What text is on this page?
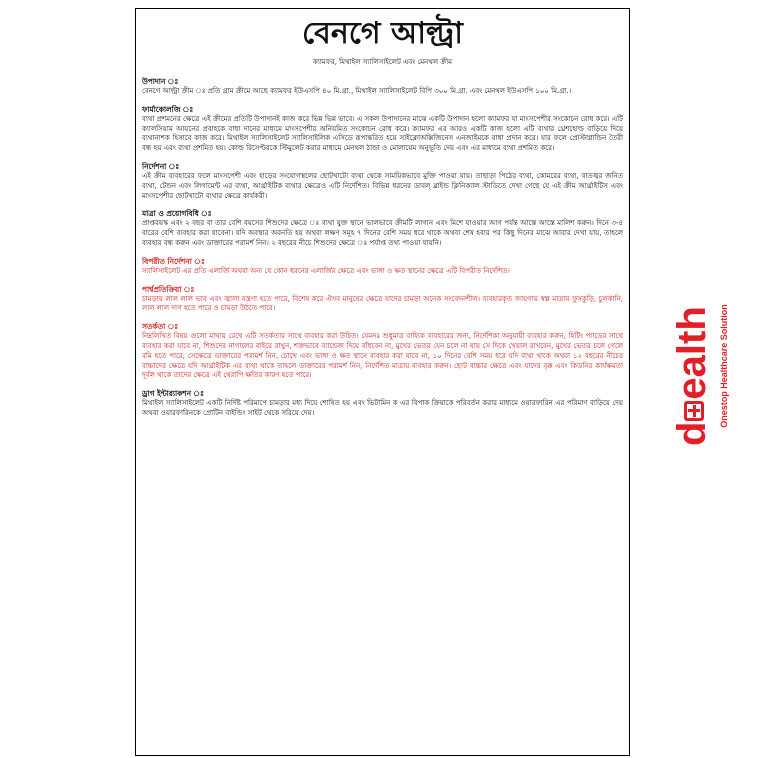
বেনগে আল্ট্রা
ক্যামফর, মিথাইল স্যালিসাইলেট এবং মেনথল ক্রীম

উপাদান ঃ

বেনগে আল্ট্রা ক্রীম ঃ প্রতি গ্রাম ক্রীমে আছে ক্যামফর ইউএসপি ৪০ মি.গ্রা., মিথাইল স্যালিসাইলেট বিপি ৩০০ মি.গ্রা. এবং মেনথল ইউএসপি ১০০ মি.গ্রা.।

ফার্মাকোলজি ঃ

ব্যথা প্রশমনের ক্ষেত্রে এই ক্রীমের প্রতিটি উপাদানই কাজ করে ভিন্ন ভিন্ন ভাবে। এ সকল উপাদানের মাঝে একটি উপাদান হলো ক্যামফর যা মাংসপেশীর সংকোচন রোধ করে। এটি ক্যালসিয়াম আয়নের প্রবাহকে বাধা দানের মাধ্যমে মাংসপেশীর অনিয়মিত সংকোচন রোধ করে। ক্যামফর এর আরও একটি কাজ হলো এটি ব্যথার থ্রেশহোল্ড বাড়িয়ে দিয়ে ব্যথানাশক হিসাবে কাজ করে। মিথাইল স্যালিসাইলেট স্যালিসাইলিক এসিডে রূপান্তরিত হয়ে সাইক্লোঅক্সিজিনেস এনজাইমকে বাধা প্রদান করে। যার ফলে প্রোস্টাগ্লান্ডিন তৈরী বন্ধ হয় এবং ব্যথা প্রশমিত হয়। কোল্ড রিসেপ্টরকে স্টিমুলেট করার মাধ্যমে মেনথল ঠান্ডা ও মোলায়েম অনুভূতি দেয় এবং এর মাধ্যমে ব্যথা প্রশমিত করে।

নির্দেশনা ঃ

এই ক্রীম ব্যবহারের ফলে মাংসপেশী এবং হাড়ের সংযোগস্থলের ছোটখাটো ব্যথা থেকে সাময়িকভাবে মুক্তি পাওয়া যায়। তাছাড়া পিঠের ব্যথা, কোমরের ব্যথা, বাতজ্বর জনিত ব্যথা, টেন্ডন এবং লিগামেন্ট এর ব্যথা, আর্থ্রাইটিক ব্যথার ক্ষেত্রেও এটি নির্দেশিত। বিভিন্ন ধরনের ডাবল্ ব্লাইন্ড ক্লিনিক্যাল স্টাডিতে দেখা গেছে যে এই ক্রীম আর্থ্রাইটিস এবং মাংসপেশীর ছোটখাটো ব্যথার ক্ষেত্রে কার্যকরী।

মাত্রা ও প্রয়োগবিধি ঃ

প্রাপ্তবয়স্ক এবং ২ বছর বা তার বেশি বয়সের শিশুদের ক্ষেত্রে ঃ ব্যথা যুক্ত স্থানে ভালভাবে ক্রীমটি লাগান এবং মিশে যাওয়ার আগ পর্যন্ত আস্তে আস্তে মালিশ করুন। দিনে ৩-৪ বারের বেশি ব্যবহার করা যাবেনা। যদি অবস্থার অবনতি হয় অথবা লক্ষণ সমূহ ৭ দিনের বেশি সময় ধরে থাকে অথবা শেষ হবার পর কিছু দিনের মাঝে আবার দেখা যায়, তাহলে ব্যবহার বন্ধ করুন এবং ডাক্তারের পরামর্শ নিন। ২ বছরের নীচে শিশুদের ক্ষেত্রে ঃ পর্যাপ্ত তথ্য পাওয়া যায়নি।

বিপরীত নির্দেশনা ঃ

স্যালিসাইলেট এর প্রতি এলার্জি অথবা অন্য যে কোন ধরনের এলার্জির ক্ষেত্রে এবং ভাঙ্গা ও ক্ষত স্থানের ক্ষেত্রে এটি বিপরীত নির্দেশিত।

পার্শ্বপ্রতিক্রিয়া ঃ

চামড়ায় লাল লাল ভাব এবং জ্বালা যন্ত্রণা হতে পারে, বিশেষ করে ঐসব মানুষের ক্ষেত্রে যাদের চামড়া অনেক সংবেদনশীল। ব্যবহারকৃত জায়গায় স্বল্প মাত্রায় ফুসকুড়ি, চুলকানি, লাল লাল দাগ হতে পারে ও চামড়া উঠতে পারে।

সতর্কতা ঃ

নিম্নলিখিত বিষয় গুলো মাথায় রেখে এটি সতর্কতার সাথে ব্যবহার করা উচিত। যেমনঃ শুধুমাত্র বাহ্যিক ব্যবহারের জন্য, নির্দেশিকা অনুযায়ী ব্যবহার করুন, হিটিং প্যাডের সাথে ব্যবহার করা যাবে না, শিশুদের নাগালের বাইরে রাখুন, শক্তভাবে ব্যান্ডেজ দিয়ে বাঁধবেন না, মুখের ভেতর যেন চলে না যায় সে দিকে খেয়াল রাখবেন, মুখের ভেতর চলে গেলে বমি হতে পারে; সেক্ষেত্রে ডাক্তারের পরামর্শ নিন, চোখে এবং ভাঙ্গা ও ক্ষত স্থানে ব্যবহার করা যাবে না, ১০ দিনের বেশি সময় ধরে যদি ব্যথা থাকে অথবা ১২ বছরের নীচের বাচ্চাদের ক্ষেত্রে যদি আর্থ্রাইটিক এর ব্যথা থাকে তাহলে ডাক্তারের পরামর্শ নিন, নির্দেশিত মাত্রায় ব্যবহার করুন। ছোট বাচ্চার ক্ষেত্রে এবং যাদের বৃক্ক এবং কিডনির কার্যক্ষমতা দূর্বল থাকে তাদের ক্ষেত্রে এই থেরাপি ক্ষতির কারণ হতে পারে।

ড্রাগ ইন্টার‌্যাকশন ঃ

মিথাইল স্যালিসাইলেট একটি নির্দিষ্ট পরিমাণে চামড়ার মধ্য দিয়ে শোষিত হয় এবং ভিটামিন ক এর বিপাক ক্রিয়াকে পরিবর্তন করার মাধ্যমে ওয়ারফারিন এর পরিমাণ বাড়িয়ে দেয় অথবা ওয়ারফারিনকে প্রোটিন বাইন্ডিং সাইট থেকে সরিয়ে দেয়।

dealth Onestop Healthcare Solution
